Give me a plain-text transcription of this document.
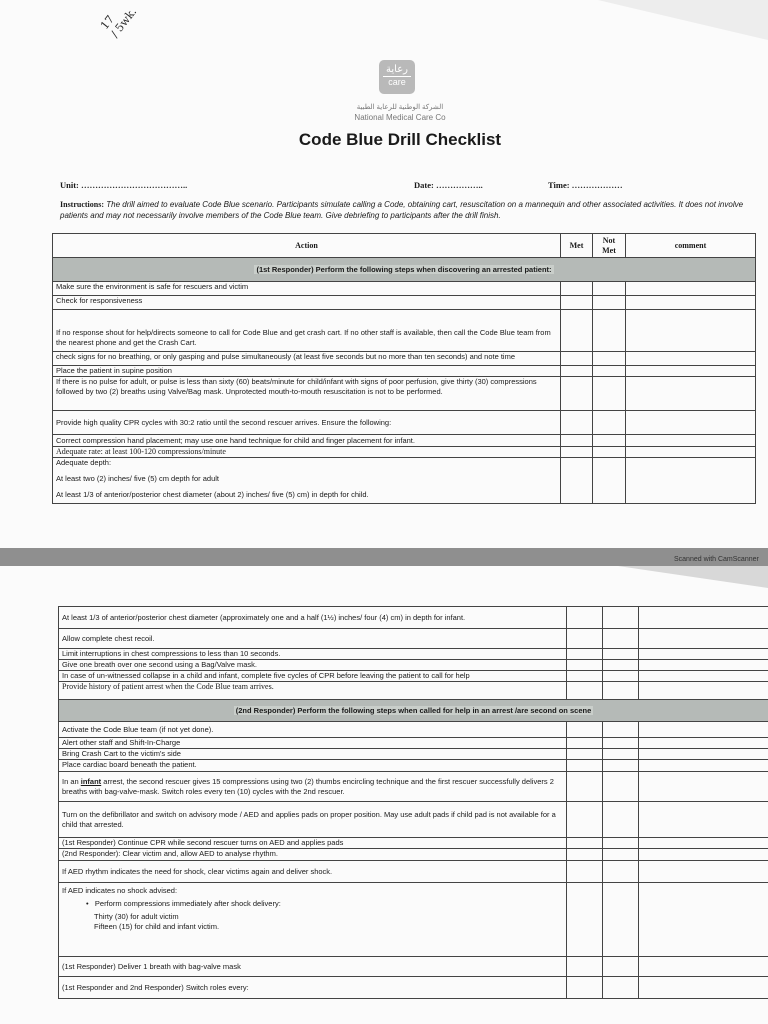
17
/ 5wk.
رعاية
care
الشركة الوطنية للرعاية الطبية
National Medical Care Co
Code Blue Drill Checklist
Unit: ………………………………..	Date: ……………..	Time: ………………
Instructions: The drill aimed to evaluate Code Blue scenario. Participants simulate calling a Code, obtaining cart, resuscitation on a mannequin and other associated activities. It does not involve patients and may not necessarily involve members of the Code Blue team. Give debriefing to participants after the drill finish.
Action	Met	Not Met	comment
(1st Responder) Perform the following steps when discovering an arrested patient:			
Make sure the environment is safe for rescuers and victim			
Check for responsiveness			
If no response shout for help/directs someone to call for Code Blue and get crash cart. If no other staff is available, then call the Code Blue team from the nearest phone and get the Crash Cart.			
check signs for no breathing, or only gasping and pulse simultaneously (at least five seconds but no more than ten seconds) and note time			
Place the patient in supine position			
If there is no pulse for adult, or pulse is less than sixty (60) beats/minute for child/infant with signs of poor perfusion, give thirty (30) compressions followed by two (2) breaths using Valve/Bag mask. Unprotected mouth-to-mouth resuscitation is not to be performed.			
Provide high quality CPR cycles with 30:2 ratio until the second rescuer arrives. Ensure the following:			
Correct compression hand placement; may use one hand technique for child and finger placement for infant.			
Adequate rate: at least 100-120 compressions/minute			

Adequate depth:
At least two (2) inches/ five (5) cm depth for adult
At least 1/3 of anterior/posterior chest diameter (about 2) inches/ five (5) cm) in depth for child.			

Scanned with CamScanner
At least 1/3 of anterior/posterior chest diameter (approximately one and a half (1½) inches/ four (4) cm) in depth for infant.			
Allow complete chest recoil.			
Limit interruptions in chest compressions to less than 10 seconds.			
Give one breath over one second using a Bag/Valve mask.			
In case of un-witnessed collapse in a child and infant, complete five cycles of CPR before leaving the patient to call for help			
Provide history of patient arrest when the Code Blue team arrives.			
(2nd Responder) Perform the following steps when called for help in an arrest /are second on scene			
Activate the Code Blue team (if not yet done).			
Alert other staff and Shift-In-Charge			
Bring Crash Cart to the victim's side			
Place cardiac board beneath the patient.			
In an infant arrest, the second rescuer gives 15 compressions using two (2) thumbs encircling technique and the first rescuer successfully delivers 2 breaths with bag-valve-mask. Switch roles every ten (10) cycles with the 2nd rescuer.			
Turn on the defibrillator and switch on advisory mode / AED and applies pads on proper position. May use adult pads if child pad is not available for a child that arrested.			
(1st Responder) Continue CPR while second rescuer turns on AED and applies pads			
(2nd Responder): Clear victim and, allow AED to analyse rhythm.			
If AED rhythm indicates the need for shock, clear victims again and deliver shock.			

If AED indicates no shock advised:
•   Perform compressions immediately after shock delivery:
Thirty (30) for adult victim
Fifteen (15) for child and infant victim.			

(1st Responder) Deliver 1 breath with bag-valve mask			
(1st Responder and 2nd Responder) Switch roles every:			
